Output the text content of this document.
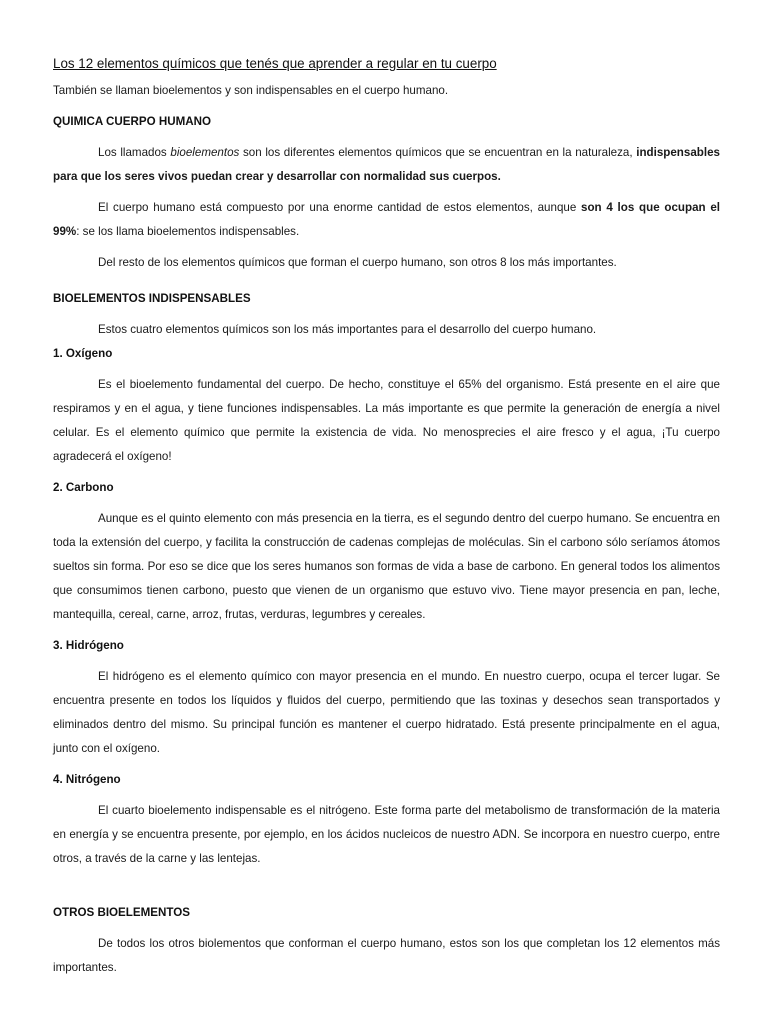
Los 12 elementos químicos que tenés que aprender a regular en tu cuerpo

También se llaman bioelementos y son indispensables en el cuerpo humano.

QUIMICA CUERPO HUMANO

Los llamados bioelementos son los diferentes elementos químicos que se encuentran en la naturaleza, indispensables para que los seres vivos puedan crear y desarrollar con normalidad sus cuerpos.

El cuerpo humano está compuesto por una enorme cantidad de estos elementos, aunque son 4 los que ocupan el 99%: se los llama bioelementos indispensables.

Del resto de los elementos químicos que forman el cuerpo humano, son otros 8 los más importantes.

BIOELEMENTOS INDISPENSABLES

Estos cuatro elementos químicos son los más importantes para el desarrollo del cuerpo humano.

1. Oxígeno

Es el bioelemento fundamental del cuerpo. De hecho, constituye el 65% del organismo. Está presente en el aire que respiramos y en el agua, y tiene funciones indispensables. La más importante es que permite la generación de energía a nivel celular. Es el elemento químico que permite la existencia de vida. No menosprecies el aire fresco y el agua, ¡Tu cuerpo agradecerá el oxígeno!

2. Carbono

Aunque es el quinto elemento con más presencia en la tierra, es el segundo dentro del cuerpo humano. Se encuentra en toda la extensión del cuerpo, y facilita la construcción de cadenas complejas de moléculas. Sin el carbono sólo seríamos átomos sueltos sin forma. Por eso se dice que los seres humanos son formas de vida a base de carbono. En general todos los alimentos que consumimos tienen carbono, puesto que vienen de un organismo que estuvo vivo. Tiene mayor presencia en pan, leche, mantequilla, cereal, carne, arroz, frutas, verduras, legumbres y cereales.

3. Hidrógeno

El hidrógeno es el elemento químico con mayor presencia en el mundo. En nuestro cuerpo, ocupa el tercer lugar. Se encuentra presente en todos los líquidos y fluidos del cuerpo, permitiendo que las toxinas y desechos sean transportados y eliminados dentro del mismo. Su principal función es mantener el cuerpo hidratado. Está presente principalmente en el agua, junto con el oxígeno.

4. Nitrógeno

El cuarto bioelemento indispensable es el nitrógeno. Este forma parte del metabolismo de transformación de la materia en energía y se encuentra presente, por ejemplo, en los ácidos nucleicos de nuestro ADN. Se incorpora en nuestro cuerpo, entre otros, a través de la carne y las lentejas.

OTROS BIOELEMENTOS

De todos los otros biolementos que conforman el cuerpo humano, estos son los que completan los 12 elementos más importantes.
